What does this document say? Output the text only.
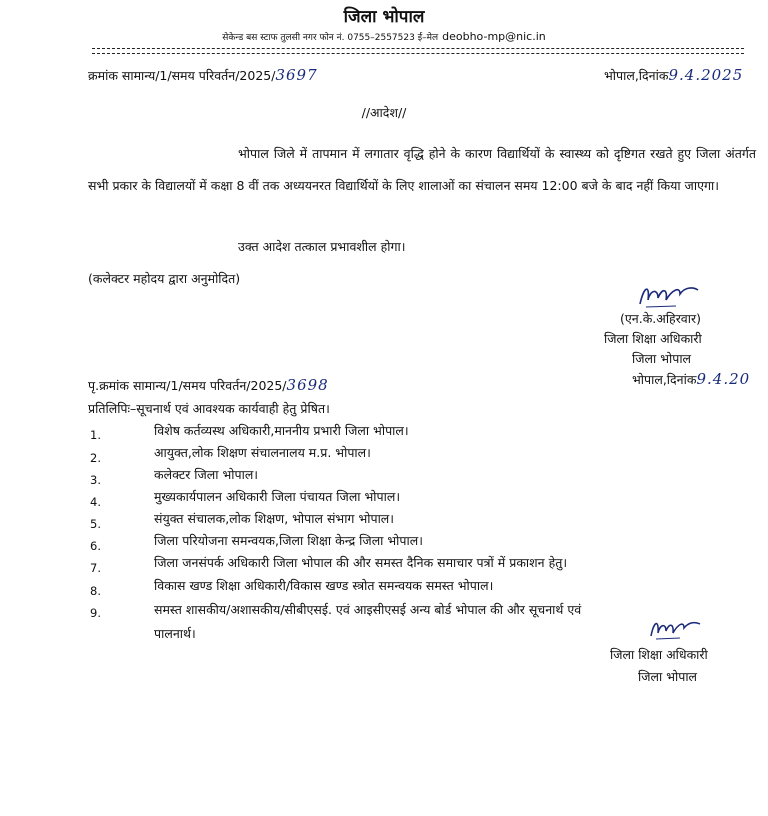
जिला भोपाल
सेकेन्ड बस स्टाफ तुलसी नगर फोन नं. 0755–2557523 ई–मेल deobho-mp@nic.in
क्रमांक सामान्य/1/समय परिवर्तन/2025/3697	भोपाल,दिनांक9.4.2025
//आदेश//
भोपाल जिले में तापमान में लगातार वृद्धि होने के कारण विद्यार्थियों के स्वास्थ्य को दृष्टिगत रखते हुए जिला अंतर्गत सभी प्रकार के विद्यालयों में कक्षा 8 वीं तक अध्ययनरत विद्यार्थियों के लिए शालाओं का संचालन समय 12:00 बजे के बाद नहीं किया जाएगा।
उक्त आदेश तत्काल प्रभावशील होगा।
(कलेक्टर महोदय द्वारा अनुमोदित)
(एन.के.अहिरवार)
जिला शिक्षा अधिकारी
जिला भोपाल
भोपाल,दिनांक9.4.20
पृ.क्रमांक सामान्य/1/समय परिवर्तन/2025/3698
प्रतिलिपिः–सूचनार्थ एवं आवश्यक कार्यवाही हेतु प्रेषित।
1.	विशेष कर्तव्यस्थ अधिकारी,माननीय प्रभारी जिला भोपाल।
2.	आयुक्त,लोक शिक्षण संचालनालय म.प्र. भोपाल।
3.	कलेक्टर जिला भोपाल।
4.	मुख्यकार्यपालन अधिकारी जिला पंचायत जिला भोपाल।
5.	संयुक्त संचालक,लोक शिक्षण, भोपाल संभाग भोपाल।
6.	जिला परियोजना समन्वयक,जिला शिक्षा केन्द्र जिला भोपाल।
7.	जिला जनसंपर्क अधिकारी जिला भोपाल की और समस्त दैनिक समाचार पत्रों में प्रकाशन हेतु।
8.	विकास खण्ड शिक्षा अधिकारी/विकास खण्ड स्त्रोत समन्वयक समस्त भोपाल।
9.	समस्त शासकीय/अशासकीय/सीबीएसई. एवं आइसीएसई अन्य बोर्ड भोपाल की और सूचनार्थ एवं
पालनार्थ।
जिला शिक्षा अधिकारी
जिला भोपाल
